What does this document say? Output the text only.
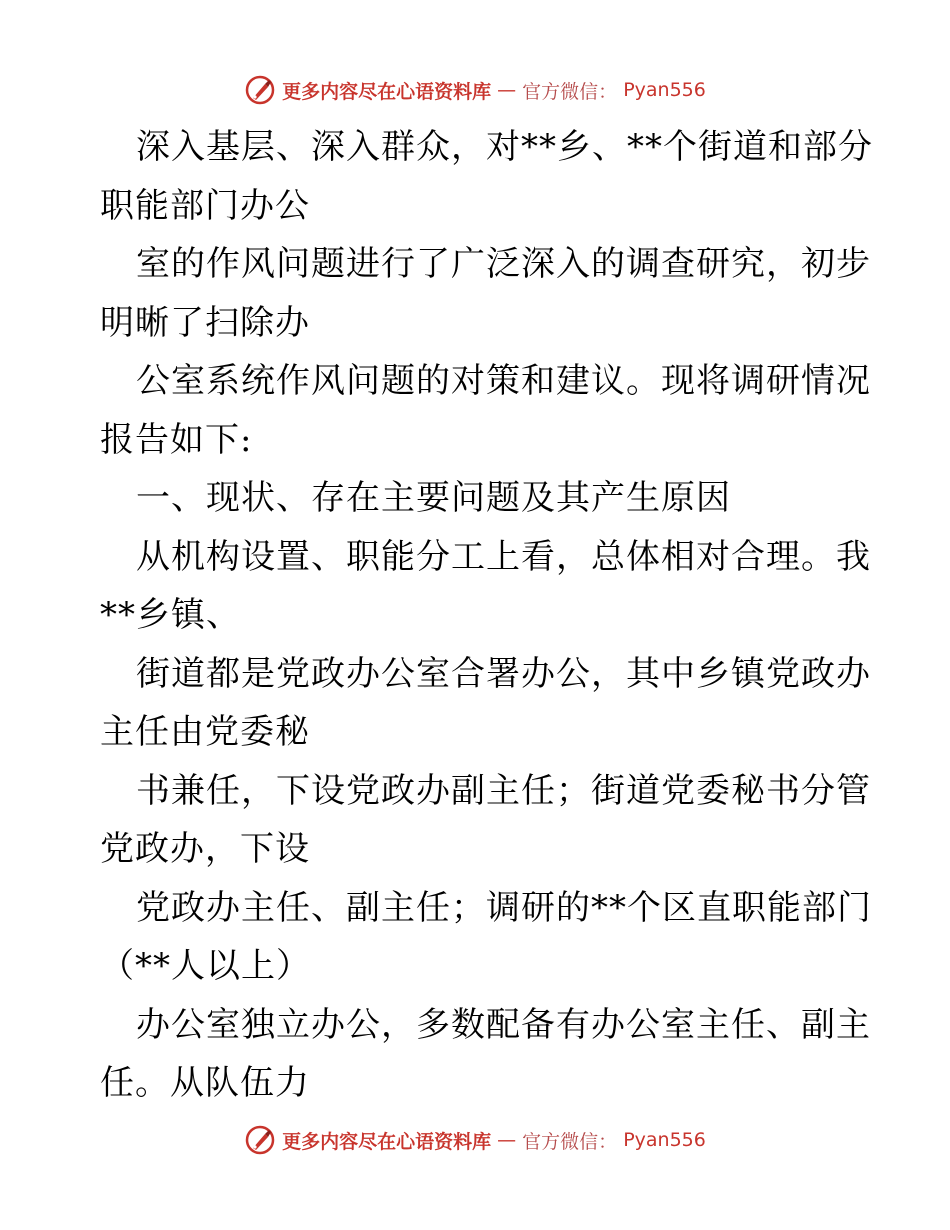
更多内容尽在心语资料库 — 官方微信： Pyan556
深入基层、深入群众，对**乡、**个街道和部分
职能部门办公
室的作风问题进行了广泛深入的调查研究，初步
明晰了扫除办
公室系统作风问题的对策和建议。现将调研情况
报告如下:
一、现状、存在主要问题及其产生原因
从机构设置、职能分工上看，总体相对合理。我
**乡镇、
街道都是党政办公室合署办公，其中乡镇党政办
主任由党委秘
书兼任，下设党政办副主任；街道党委秘书分管
党政办，下设
党政办主任、副主任；调研的**个区直职能部门
（**人以上）
办公室独立办公，多数配备有办公室主任、副主
任。从队伍力
更多内容尽在心语资料库 — 官方微信： Pyan556
